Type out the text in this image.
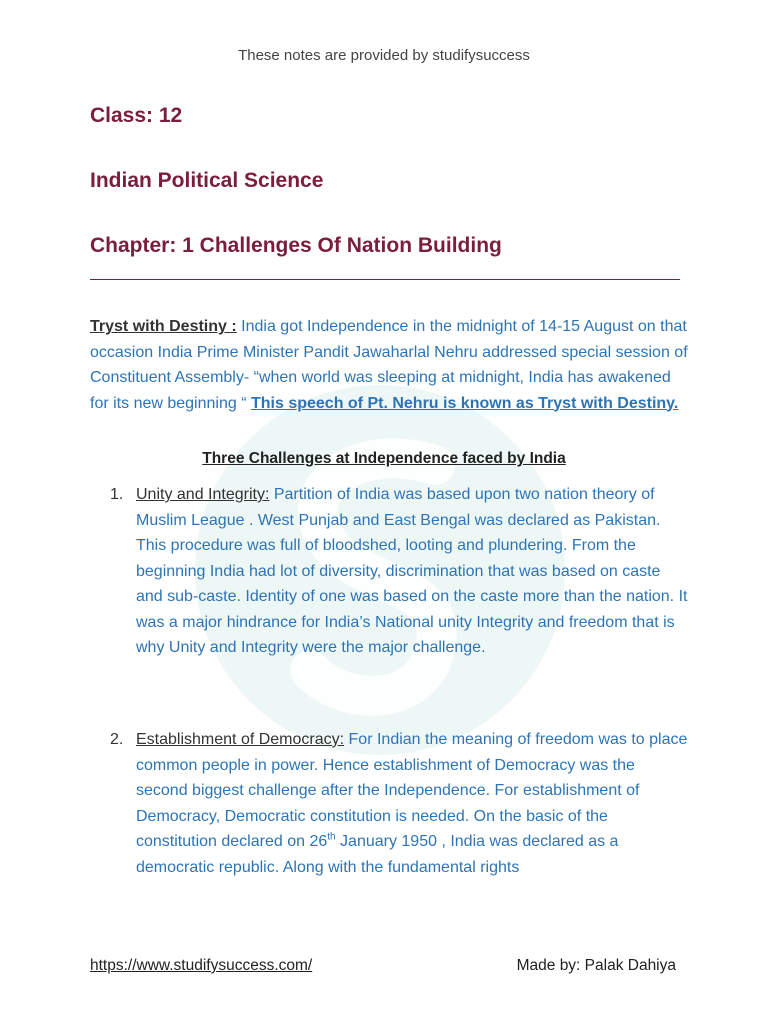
These notes are provided by studifysuccess
Class: 12
Indian Political Science
Chapter: 1 Challenges Of Nation Building
Tryst with Destiny : India got Independence in the midnight of 14-15 August on that occasion India Prime Minister Pandit Jawaharlal Nehru addressed special session of Constituent Assembly- “when world was sleeping at midnight, India has awakened for its new beginning “ This speech of Pt. Nehru is known as Tryst with Destiny.
Three Challenges at Independence faced by India
1. Unity and Integrity: Partition of India was based upon two nation theory of Muslim League . West Punjab and East Bengal was declared as Pakistan. This procedure was full of bloodshed, looting and plundering. From the beginning India had lot of diversity, discrimination that was based on caste and sub-caste. Identity of one was based on the caste more than the nation. It was a major hindrance for India’s National unity Integrity and freedom that is why Unity and Integrity were the major challenge.
2. Establishment of Democracy: For Indian the meaning of freedom was to place common people in power. Hence establishment of Democracy was the second biggest challenge after the Independence. For establishment of Democracy, Democratic constitution is needed. On the basic of the constitution declared on 26th January 1950 , India was declared as a democratic republic. Along with the fundamental rights
https://www.studifysuccess.com/	Made by: Palak Dahiya
